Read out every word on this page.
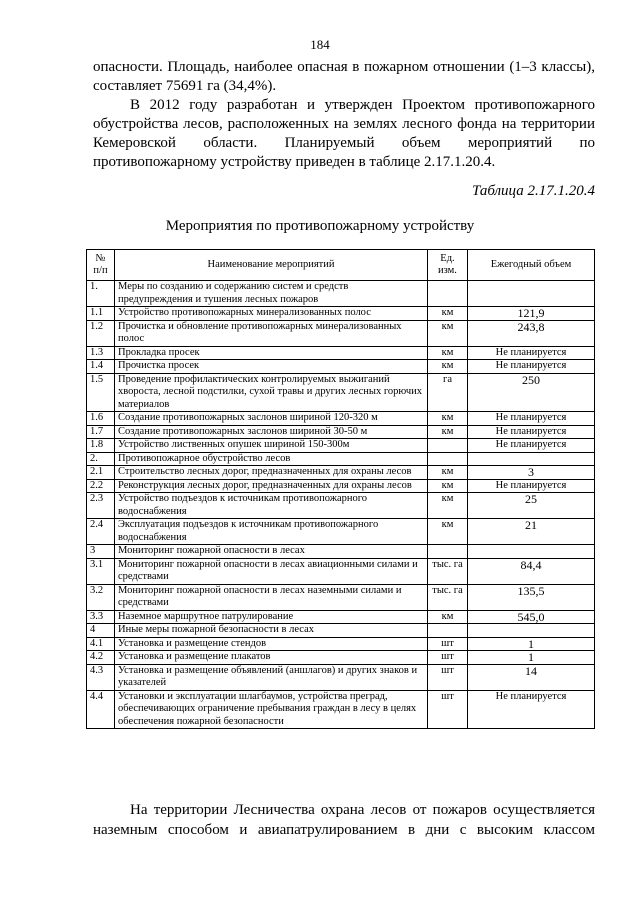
184

опасности. Площадь, наиболее опасная в пожарном отношении (1–3 классы), составляет 75691 га (34,4%).

В 2012 году разработан и утвержден Проектом противопожарного обустройства лесов, расположенных на землях лесного фонда на территории Кемеровской области. Планируемый объем мероприятий по противопожарному устройству приведен в таблице 2.17.1.20.4.

Таблица 2.17.1.20.4
Мероприятия по противопожарному устройству
№ п/п	Наименование мероприятий	Ед. изм.	Ежегодный объем
1.	Меры по созданию и содержанию систем и средств предупреждения и тушения лесных пожаров		
1.1	Устройство противопожарных минерализованных полос	км	121,9
1.2	Прочистка и обновление противопожарных минерализованных полос	км	243,8
1.3	Прокладка просек	км	Не планируется
1.4	Прочистка просек	км	Не планируется
1.5	Проведение профилактических контролируемых выжиганий хвороста, лесной подстилки, сухой травы и других лесных горючих материалов	га	250
1.6	Создание противопожарных заслонов шириной 120-320 м	км	Не планируется
1.7	Создание противопожарных заслонов шириной 30-50 м	км	Не планируется
1.8	Устройство лиственных опушек шириной 150-300м		Не планируется
2.	Противопожарное обустройство лесов		
2.1	Строительство лесных дорог, предназначенных для охраны лесов	км	3
2.2	Реконструкция лесных дорог, предназначенных для охраны лесов	км	Не планируется
2.3	Устройство подъездов к источникам противопожарного водоснабжения	км	25
2.4	Эксплуатация подъездов к источникам противопожарного водоснабжения	км	21
3	Мониторинг пожарной опасности в лесах		
3.1	Мониторинг пожарной опасности в лесах авиационными силами и средствами	тыс. га	84,4
3.2	Мониторинг пожарной опасности в лесах наземными силами и средствами	тыс. га	135,5
3.3	Наземное маршрутное патрулирование	км	545,0
4	Иные меры пожарной безопасности в лесах		
4.1	Установка и размещение стендов	шт	1
4.2	Установка и размещение плакатов	шт	1
4.3	Установка и размещение объявлений (аншлагов) и других знаков и указателей	шт	14
4.4	Установки и эксплуатации шлагбаумов, устройства преград, обеспечивающих ограничение пребывания граждан в лесу в целях обеспечения пожарной безопасности	шт	Не планируется

На территории Лесничества охрана лесов от пожаров осуществляется наземным способом и авиапатрулированием в дни с высоким классом
